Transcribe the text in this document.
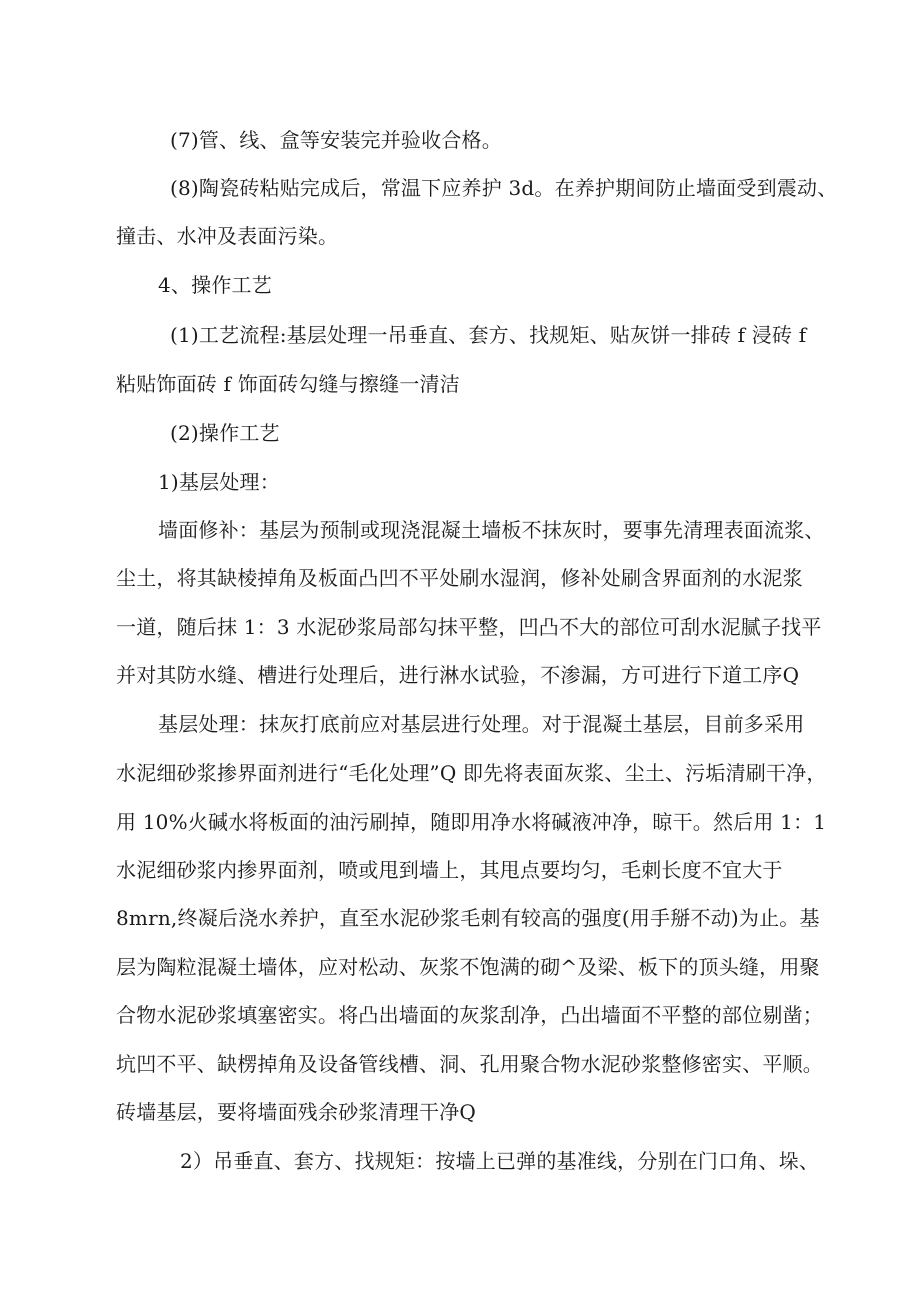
(7)管、线、盒等安装完并验收合格。
(8)陶瓷砖粘贴完成后，常温下应养护 3d。在养护期间防止墙面受到震动、
撞击、水冲及表面污染。
4、操作工艺
(1)工艺流程:基层处理一吊垂直、套方、找规矩、贴灰饼一排砖 f 浸砖 f
粘贴饰面砖 f 饰面砖勾缝与擦缝一清洁
(2)操作工艺
1)基层处理：
墙面修补：基层为预制或现浇混凝土墙板不抹灰时，要事先清理表面流浆、
尘土，将其缺棱掉角及板面凸凹不平处刷水湿润，修补处刷含界面剂的水泥浆
一道，随后抹 1：3 水泥砂浆局部勾抹平整，凹凸不大的部位可刮水泥腻子找平
并对其防水缝、槽进行处理后，进行淋水试验，不渗漏，方可进行下道工序Q
基层处理：抹灰打底前应对基层进行处理。对于混凝土基层，目前多采用
水泥细砂浆掺界面剂进行“毛化处理”Q 即先将表面灰浆、尘土、污垢清刷干净，
用 10%火碱水将板面的油污刷掉，随即用净水将碱液冲净，晾干。然后用 1：1
水泥细砂浆内掺界面剂，喷或甩到墙上，其甩点要均匀，毛刺长度不宜大于
8mrn,终凝后浇水养护，直至水泥砂浆毛刺有较高的强度(用手掰不动)为止。基
层为陶粒混凝土墙体，应对松动、灰浆不饱满的砌^及梁、板下的顶头缝，用聚
合物水泥砂浆填塞密实。将凸出墙面的灰浆刮净，凸出墙面不平整的部位剔凿；
坑凹不平、缺楞掉角及设备管线槽、洞、孔用聚合物水泥砂浆整修密实、平顺。
砖墙基层，要将墙面残余砂浆清理干净Q
2）吊垂直、套方、找规矩：按墙上已弹的基准线，分别在门口角、垛、
